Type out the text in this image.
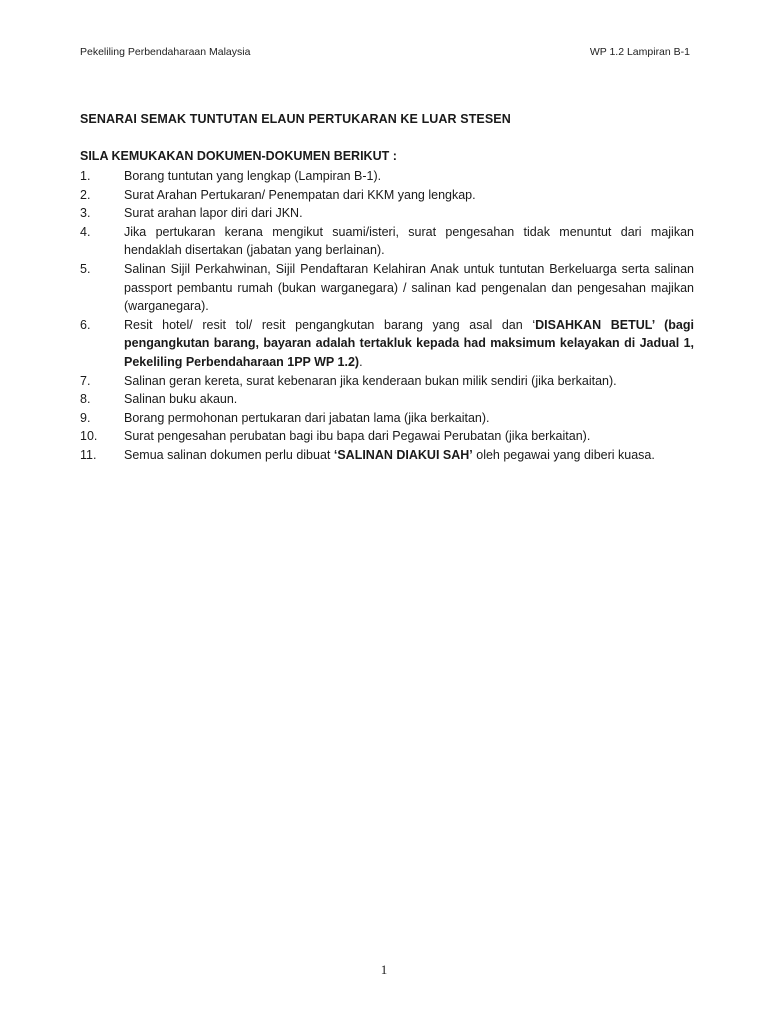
Pekeliling Perbendaharaan Malaysia	WP 1.2 Lampiran B-1
SENARAI SEMAK TUNTUTAN ELAUN PERTUKARAN KE LUAR STESEN
SILA KEMUKAKAN DOKUMEN-DOKUMEN BERIKUT :
1.	Borang tuntutan yang lengkap (Lampiran B-1).
2.	Surat Arahan Pertukaran/ Penempatan dari KKM yang lengkap.
3.	Surat arahan lapor diri dari JKN.
4.	Jika pertukaran kerana mengikut suami/isteri, surat pengesahan tidak menuntut dari majikan hendaklah disertakan (jabatan yang berlainan).
5.	Salinan Sijil Perkahwinan, Sijil Pendaftaran Kelahiran Anak untuk tuntutan Berkeluarga serta salinan passport pembantu rumah (bukan warganegara) / salinan kad pengenalan dan pengesahan majikan (warganegara).
6.	Resit hotel/ resit tol/ resit pengangkutan barang yang asal dan ‘DISAHKAN BETUL’ (bagi pengangkutan barang, bayaran adalah tertakluk kepada had maksimum kelayakan di Jadual 1, Pekeliling Perbendaharaan 1PP WP 1.2).
7.	Salinan geran kereta, surat kebenaran jika kenderaan bukan milik sendiri (jika berkaitan).
8.	Salinan buku akaun.
9.	Borang permohonan pertukaran dari jabatan lama (jika berkaitan).
10.	Surat pengesahan perubatan bagi ibu bapa dari Pegawai Perubatan (jika berkaitan).
11.	Semua salinan dokumen perlu dibuat ‘SALINAN DIAKUI SAH’ oleh pegawai yang diberi kuasa.
1
